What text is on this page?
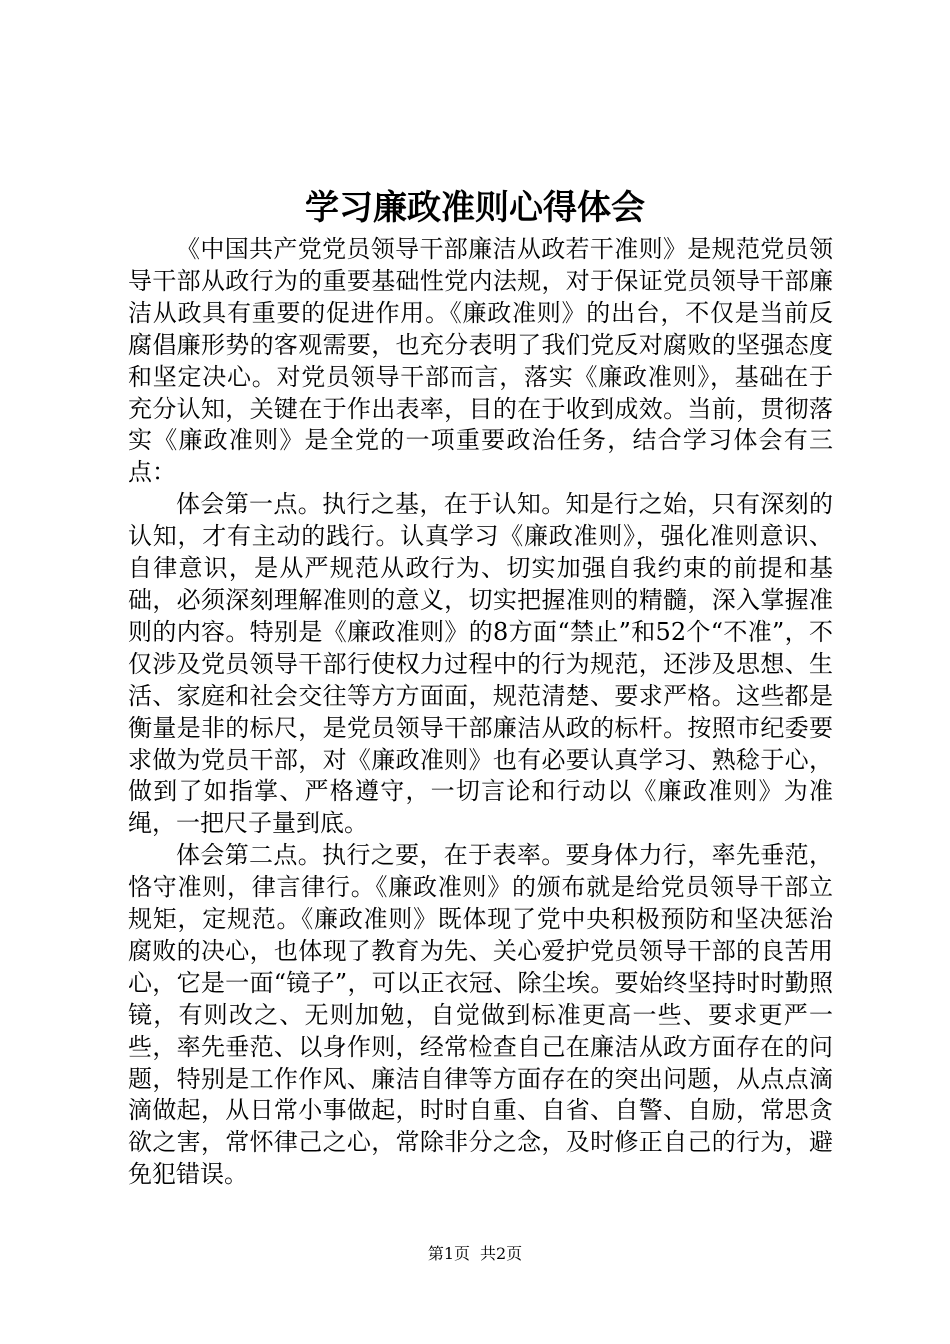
学习廉政准则心得体会

《中国共产党党员领导干部廉洁从政若干准则》是规范党员领导干部从政行为的重要基础性党内法规，对于保证党员领导干部廉洁从政具有重要的促进作用。《廉政准则》的出台，不仅是当前反腐倡廉形势的客观需要，也充分表明了我们党反对腐败的坚强态度和坚定决心。对党员领导干部而言，落实《廉政准则》，基础在于充分认知，关键在于作出表率，目的在于收到成效。当前，贯彻落实《廉政准则》是全党的一项重要政治任务，结合学习体会有三点：

体会第一点。执行之基，在于认知。知是行之始，只有深刻的认知，才有主动的践行。认真学习《廉政准则》，强化准则意识、自律意识，是从严规范从政行为、切实加强自我约束的前提和基础，必须深刻理解准则的意义，切实把握准则的精髓，深入掌握准则的内容。特别是《廉政准则》的8方面“禁止”和52个“不准”，不仅涉及党员领导干部行使权力过程中的行为规范，还涉及思想、生活、家庭和社会交往等方方面面，规范清楚、要求严格。这些都是衡量是非的标尺，是党员领导干部廉洁从政的标杆。按照市纪委要求做为党员干部，对《廉政准则》也有必要认真学习、熟稔于心，做到了如指掌、严格遵守，一切言论和行动以《廉政准则》为准绳，一把尺子量到底。

体会第二点。执行之要，在于表率。要身体力行，率先垂范，恪守准则，律言律行。《廉政准则》的颁布就是给党员领导干部立规矩，定规范。《廉政准则》既体现了党中央积极预防和坚决惩治腐败的决心，也体现了教育为先、关心爱护党员领导干部的良苦用心，它是一面“镜子”，可以正衣冠、除尘埃。要始终坚持时时勤照镜，有则改之、无则加勉，自觉做到标准更高一些、要求更严一些，率先垂范、以身作则，经常检查自己在廉洁从政方面存在的问题，特别是工作作风、廉洁自律等方面存在的突出问题，从点点滴滴做起，从日常小事做起，时时自重、自省、自警、自励，常思贪欲之害，常怀律己之心，常除非分之念，及时修正自己的行为，避免犯错误。

第1页 共2页
